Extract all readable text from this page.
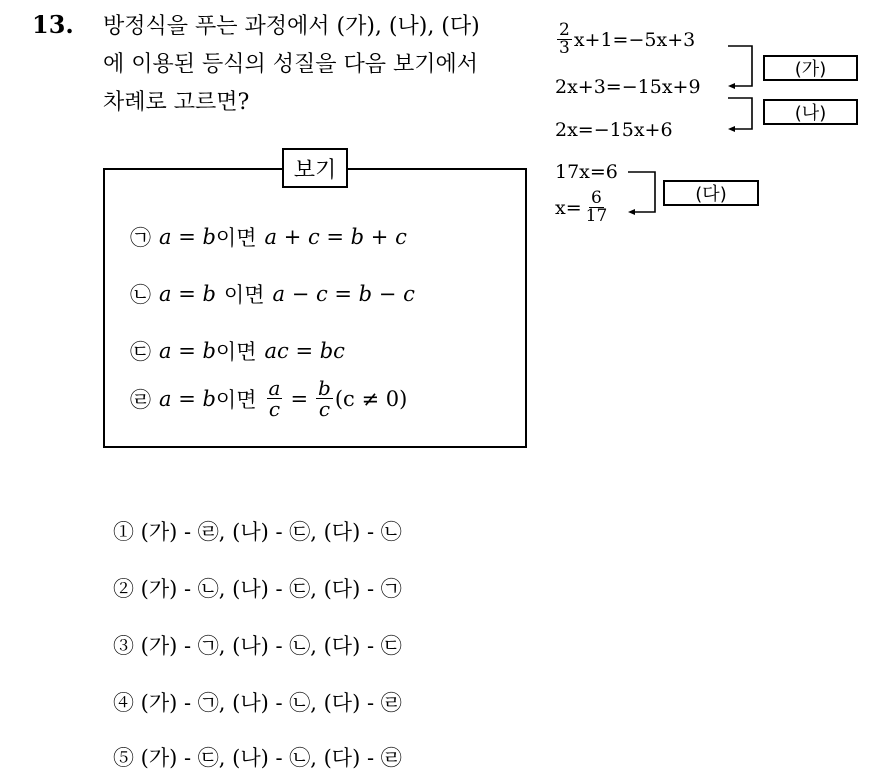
13. 방정식을 푸는 과정에서 (가), (나), (다)
에 이용된 등식의 성질을 다음 보기에서
차례로 고르면?
보기
㉠ a = b 이면 a + c = b + c
㉡ a = b 이면 a − c = b − c
㉢ a = b 이면 ac = bc
㉣ a = b 이면 $\frac{a}{c} = \frac{b}{c} (c \ne 0)$
$\frac{2}{3} x+1=-5x+3$
2x+3=−15x+9
2x=−15x+6
17x=6
$x= \frac{6}{17}$
(가)
(나)
(다)
① (가) - ㉣, (나) - ㉢, (다) - ㉡
② (가) - ㉡, (나) - ㉢, (다) - ㉠
③ (가) - ㉠, (나) - ㉡, (다) - ㉢
④ (가) - ㉠, (나) - ㉡, (다) - ㉣
⑤ (가) - ㉢, (나) - ㉡, (다) - ㉣
